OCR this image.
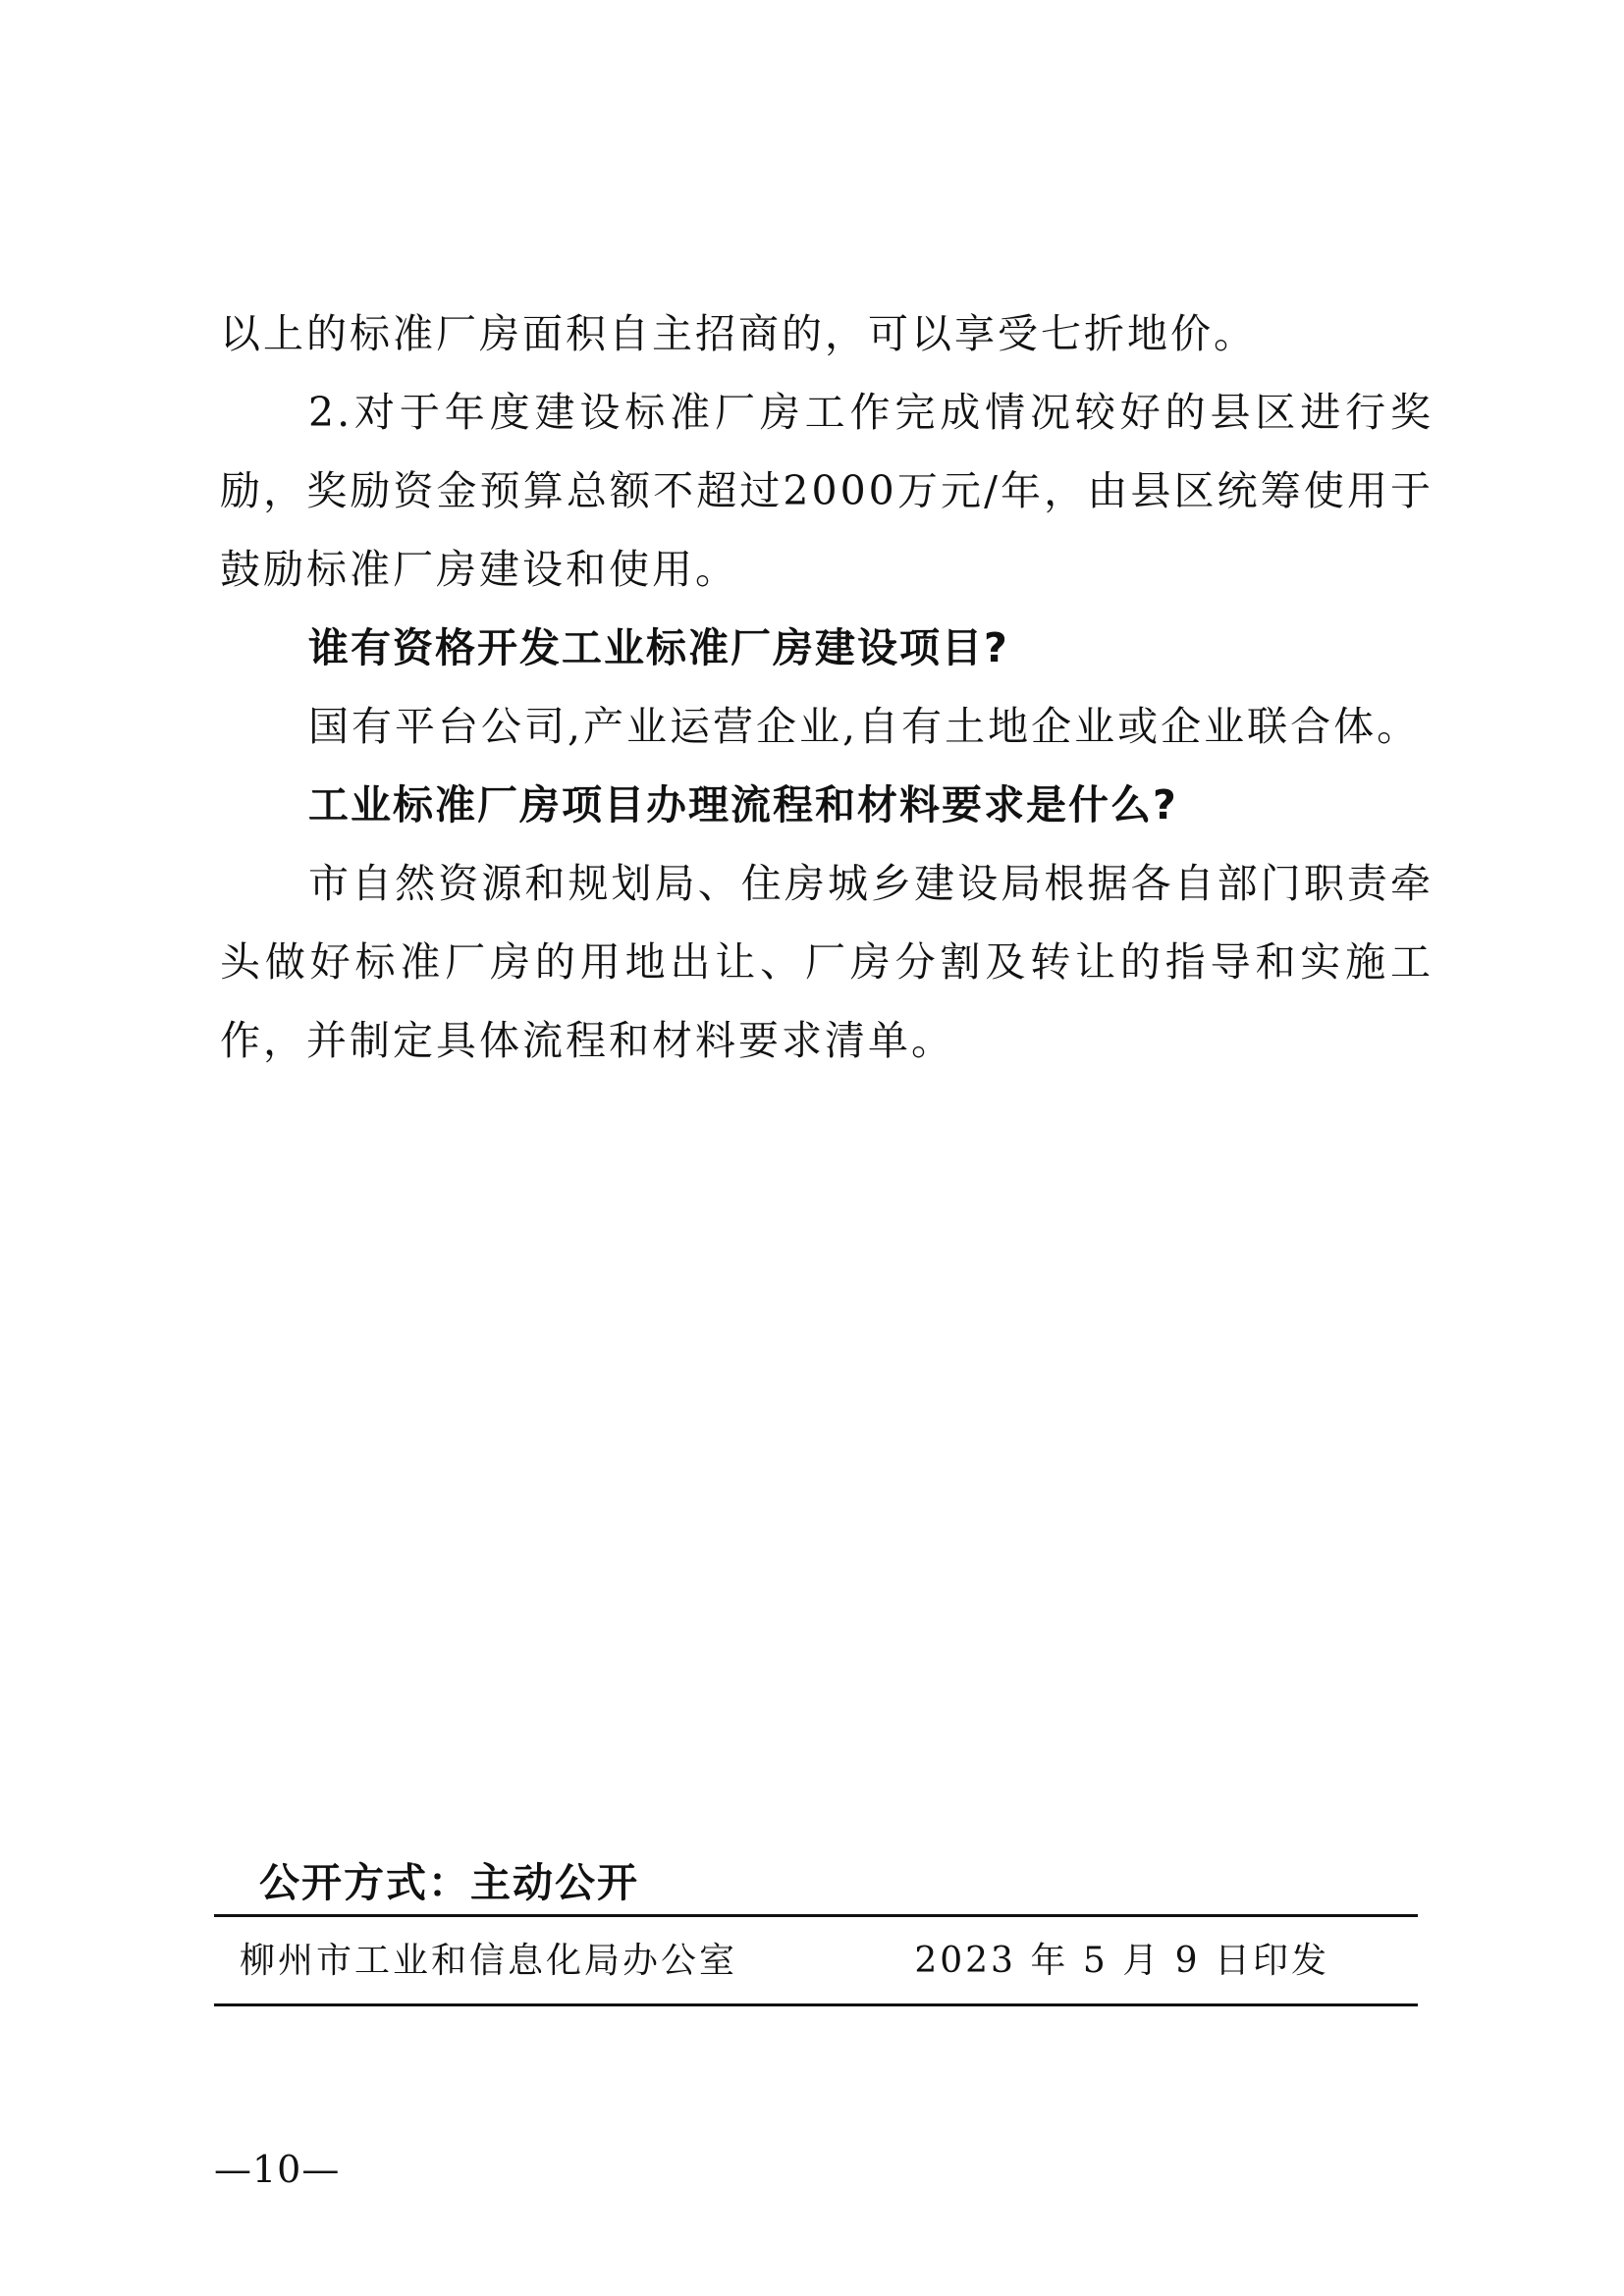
以上的标准厂房面积自主招商的，可以享受七折地价。
2.对于年度建设标准厂房工作完成情况较好的县区进行奖励，奖励资金预算总额不超过2000万元/年，由县区统筹使用于鼓励标准厂房建设和使用。
谁有资格开发工业标准厂房建设项目?
国有平台公司,产业运营企业,自有土地企业或企业联合体。
工业标准厂房项目办理流程和材料要求是什么?
市自然资源和规划局、住房城乡建设局根据各自部门职责牵头做好标准厂房的用地出让、厂房分割及转让的指导和实施工作，并制定具体流程和材料要求清单。
公开方式：主动公开
柳州市工业和信息化局办公室	2023 年 5 月 9 日印发
—10—
